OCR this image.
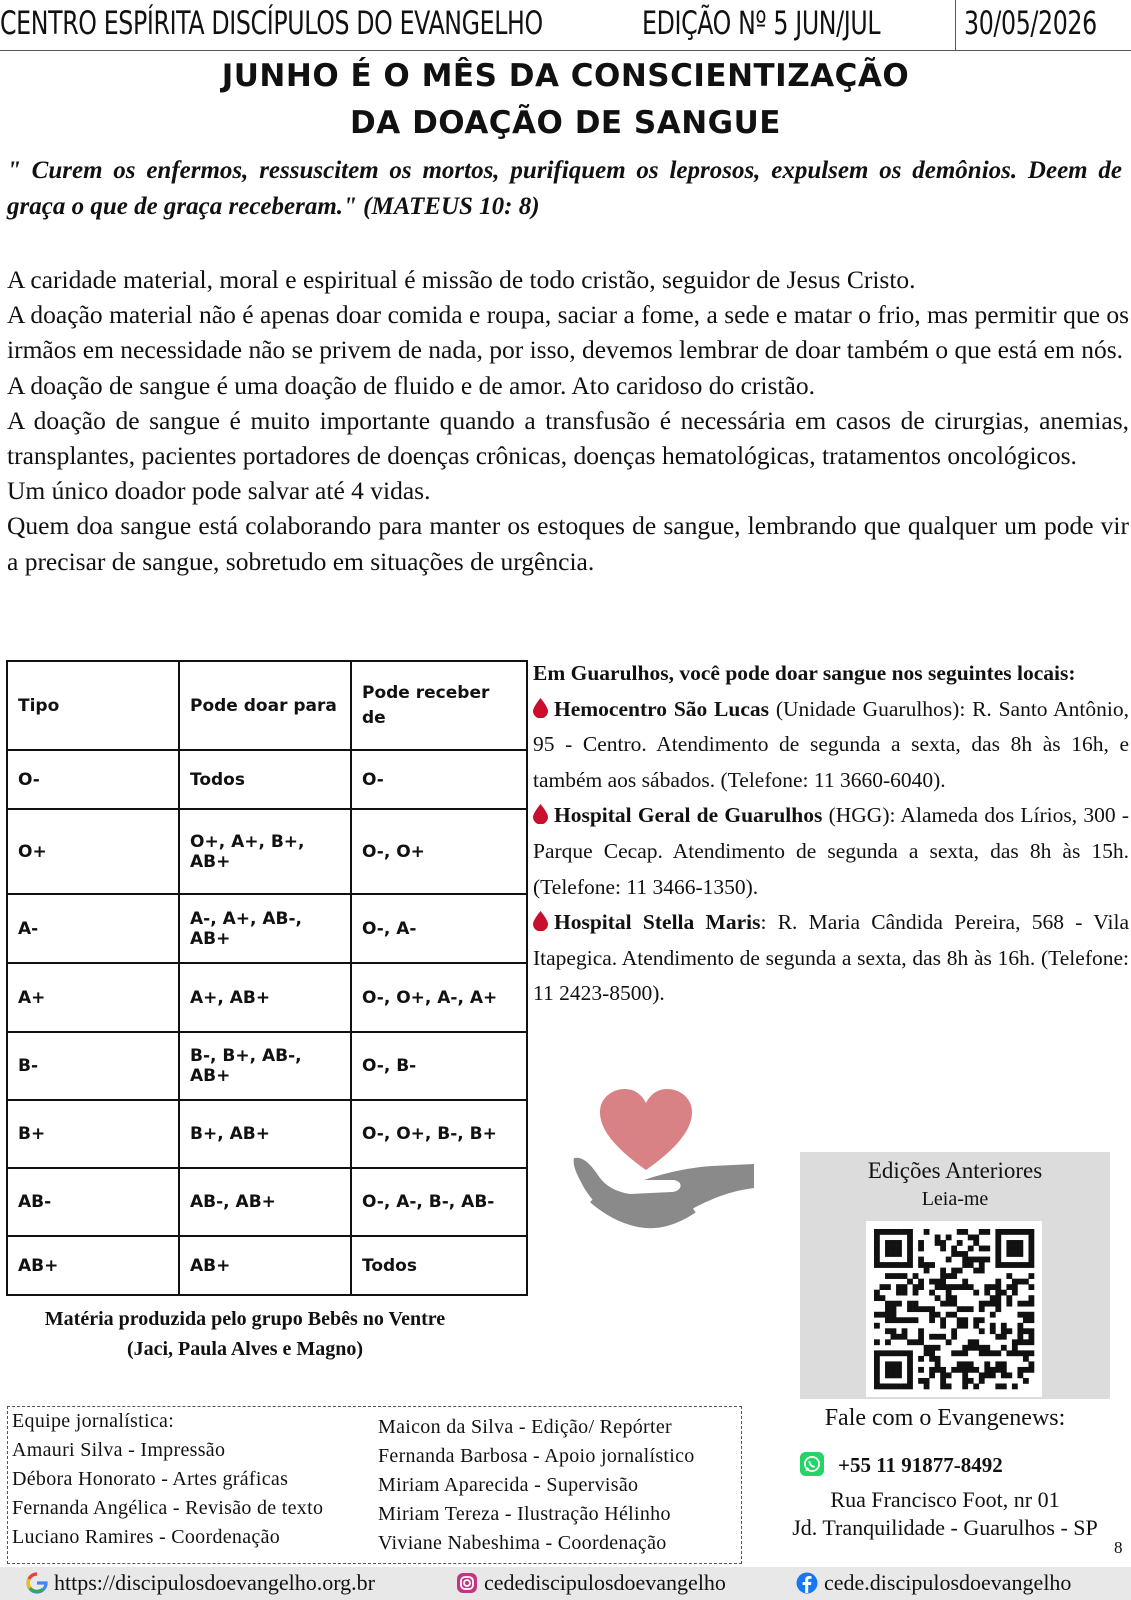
CENTRO ESPÍRITA DISCÍPULOS DO EVANGELHO	EDIÇÃO Nº 5 JUN/JUL	30/05/2026
JUNHO É O MÊS DA CONSCIENTIZAÇÃO
DA DOAÇÃO DE SANGUE
" Curem os enfermos, ressuscitem os mortos, purifiquem os leprosos, expulsem os demônios. Deem de graça o que de graça receberam." (MATEUS 10: 8)

A caridade material, moral e espiritual é missão de todo cristão, seguidor de Jesus Cristo.

A doação material não é apenas doar comida e roupa, saciar a fome, a sede e matar o frio, mas permitir que os irmãos em necessidade não se privem de nada, por isso, devemos lembrar de doar também o que está em nós.

A doação de sangue é uma doação de fluido e de amor. Ato caridoso do cristão.

A doação de sangue é muito importante quando a transfusão é necessária em casos de cirurgias, anemias, transplantes, pacientes portadores de doenças crônicas, doenças hematológicas, tratamentos oncológicos.

Um único doador pode salvar até 4 vidas.

Quem doa sangue está colaborando para manter os estoques de sangue, lembrando que qualquer um pode vir a precisar de sangue, sobretudo em situações de urgência.

Tipo	Pode doar para	Pode receber de
O-	Todos	O-
O+	O+, A+, B+, AB+	O-, O+
A-	A-, A+, AB-, AB+	O-, A-
A+	A+, AB+	O-, O+, A-, A+
B-	B-, B+, AB-, AB+	O-, B-
B+	B+, AB+	O-, O+, B-, B+
AB-	AB-, AB+	O-, A-, B-, AB-
AB+	AB+	Todos

Em Guarulhos, você pode doar sangue nos seguintes locais:

Hemocentro São Lucas (Unidade Guarulhos): R. Santo Antônio, 95 - Centro. Atendimento de segunda a sexta, das 8h às 16h, e também aos sábados. (Telefone: 11 3660-6040).

Hospital Geral de Guarulhos (HGG): Alameda dos Lírios, 300 - Parque Cecap. Atendimento de segunda a sexta, das 8h às 15h. (Telefone: 11 3466-1350).

Hospital Stella Maris: R. Maria Cândida Pereira, 568 - Vila Itapegica. Atendimento de segunda a sexta, das 8h às 16h. (Telefone: 11 2423-8500).

Matéria produzida pelo grupo Bebês no Ventre
(Jaci, Paula Alves e Magno)
Edições Anteriores
Leia-me
Fale com o Evangenews:
+55 11 91877-8492
Rua Francisco Foot, nr 01
Jd. Tranquilidade - Guarulhos - SP
8
Equipe jornalística:
Amauri Silva - Impressão
Débora Honorato - Artes gráficas
Fernanda Angélica - Revisão de texto
Luciano Ramires - Coordenação
Maicon da Silva - Edição/ Repórter
Fernanda Barbosa - Apoio jornalístico
Miriam Aparecida - Supervisão
Miriam Tereza - Ilustração Hélinho
Viviane Nabeshima - Coordenação
https://discipulosdoevangelho.org.br	cedediscipulosdoevangelho	cede.discipulosdoevangelho
